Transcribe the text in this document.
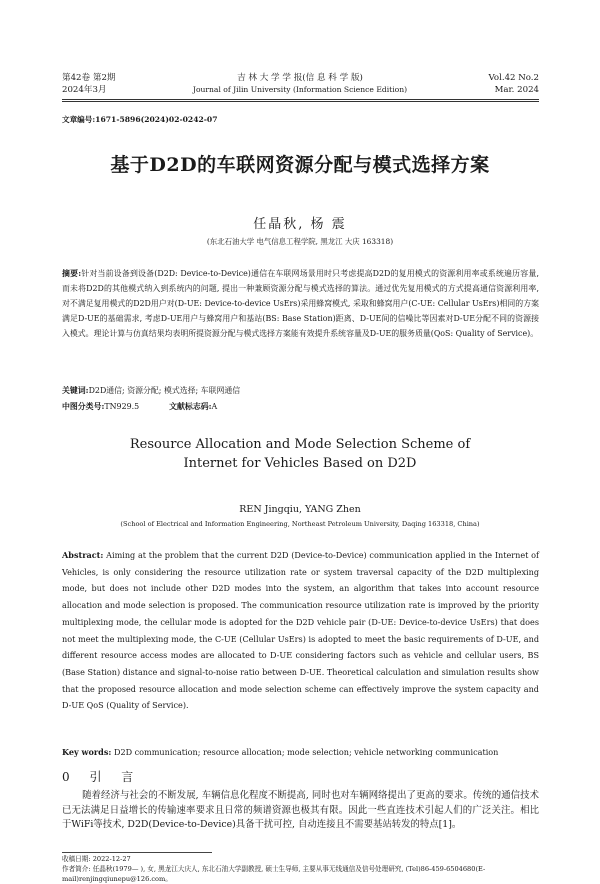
第42卷 第2期
2024年3月
吉 林 大 学 学 报(信 息 科 学 版)
Journal of Jilin University (Information Science Edition)
Vol.42 No.2
Mar. 2024
文章编号:1671-5896(2024)02-0242-07
基于D2D的车联网资源分配与模式选择方案
任晶秋, 杨 震
(东北石油大学 电气信息工程学院, 黑龙江 大庆 163318)
摘要:针对当前设备到设备(D2D: Device-to-Device)通信在车联网场景用时只考虑提高D2D的复用模式的资源利用率或系统遍历容量, 而未将D2D的其他模式纳入到系统内的问题, 提出一种兼顾资源分配与模式选择的算法。通过优先复用模式的方式提高通信资源利用率, 对不满足复用模式的D2D用户对(D-UE: Device-to-device UsErs)采用蜂窝模式, 采取和蜂窝用户(C-UE: Cellular UsErs)相同的方案满足D-UE的基础需求, 考虑D-UE用户与蜂窝用户和基站(BS: Base Station)距离、D-UE间的信噪比等因素对D-UE分配不同的资源接入模式。理论计算与仿真结果均表明所提资源分配与模式选择方案能有效提升系统容量及D-UE的服务质量(QoS: Quality of Service)。
关键词:D2D通信; 资源分配; 模式选择; 车联网通信
中图分类号:TN929.5	文献标志码:A
Resource Allocation and Mode Selection Scheme of
Internet for Vehicles Based on D2D
REN Jingqiu, YANG Zhen
(School of Electrical and Information Engineering, Northeast Petroleum University, Daqing 163318, China)
Abstract: Aiming at the problem that the current D2D (Device-to-Device) communication applied in the Internet of Vehicles, is only considering the resource utilization rate or system traversal capacity of the D2D multiplexing mode, but does not include other D2D modes into the system, an algorithm that takes into account resource allocation and mode selection is proposed. The communication resource utilization rate is improved by the priority multiplexing mode, the cellular mode is adopted for the D2D vehicle pair (D-UE: Device-to-device UsErs) that does not meet the multiplexing mode, the C-UE (Cellular UsErs) is adopted to meet the basic requirements of D-UE, and different resource access modes are allocated to D-UE considering factors such as vehicle and cellular users, BS (Base Station) distance and signal-to-noise ratio between D-UE. Theoretical calculation and simulation results show that the proposed resource allocation and mode selection scheme can effectively improve the system capacity and D-UE QoS (Quality of Service).
Key words: D2D communication; resource allocation; mode selection; vehicle networking communication
0 引 言
随着经济与社会的不断发展, 车辆信息化程度不断提高, 同时也对车辆网络提出了更高的要求。传统的通信技术已无法满足日益增长的传输速率要求且日常的频谱资源也极其有限。因此一些直连技术引起人们的广泛关注。相比于WiFi等技术, D2D(Device-to-Device)具备干扰可控, 自动连接且不需要基站转发的特点[1]。
收稿日期: 2022-12-27
作者简介: 任晶秋(1979— ), 女, 黑龙江大庆人, 东北石油大学副教授, 硕士生导师, 主要从事无线通信及信号处理研究, (Tel)86-459-6504680(E-mail)renjingqiunepu@126.com。
